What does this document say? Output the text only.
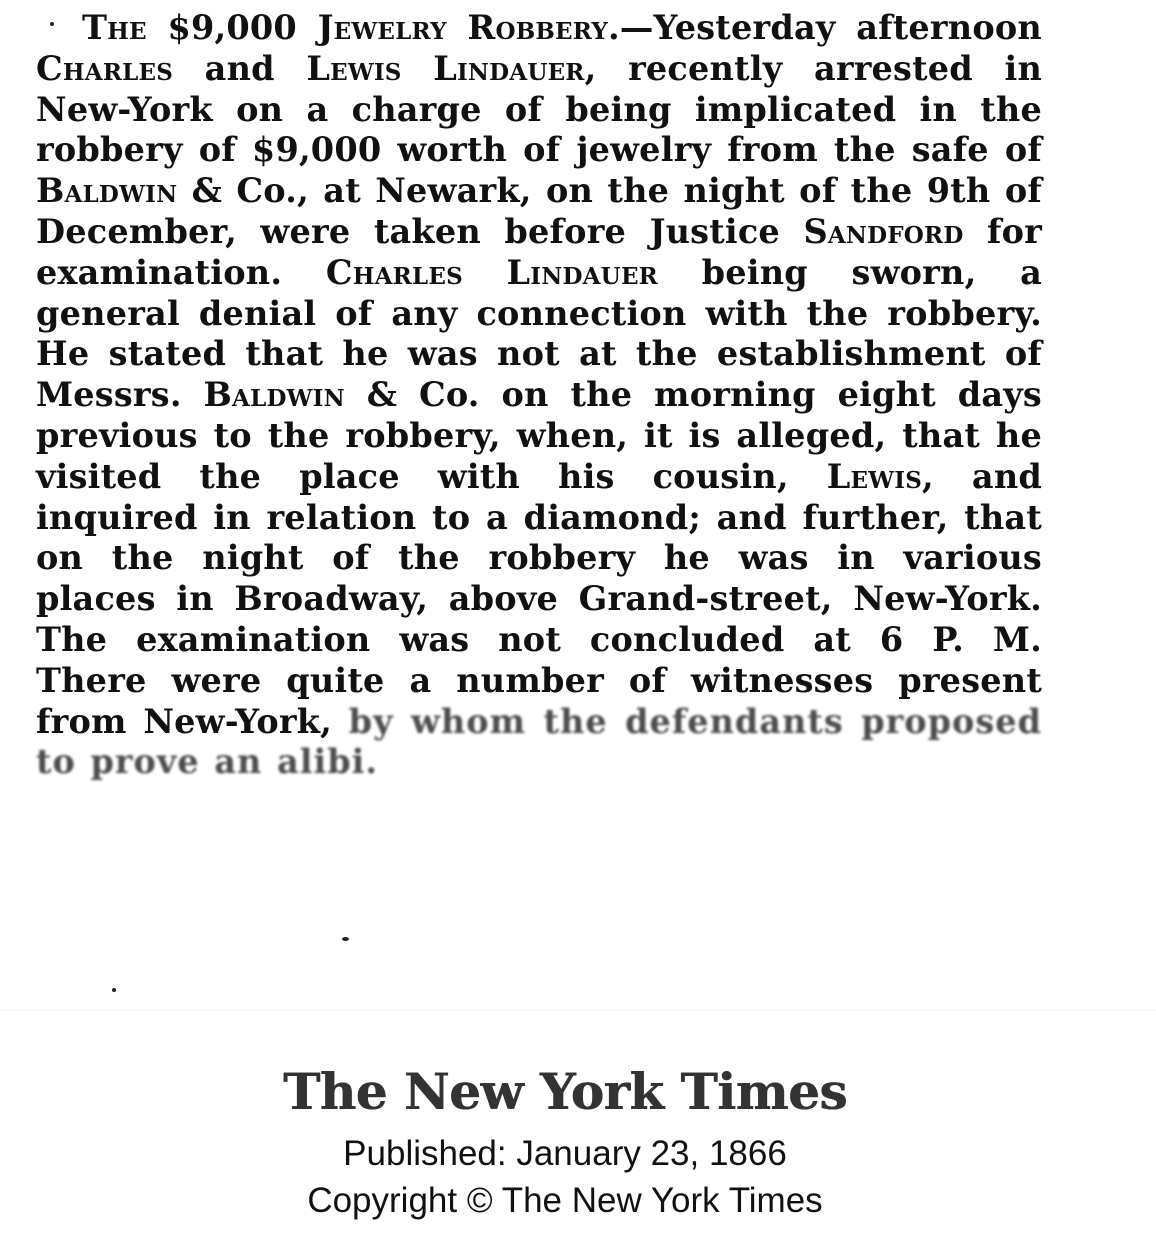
The $9,000 Jewelry Robbery.—Yesterday afternoon Charles and Lewis Lindauer, recently arrested in New-York on a charge of being implicated in the robbery of $9,000 worth of jewelry from the safe of Baldwin & Co., at Newark, on the night of the 9th of December, were taken before Justice Sandford for examination. Charles Lindauer being sworn, a general denial of any connection with the robbery. He stated that he was not at the establishment of Messrs. Baldwin & Co. on the morning eight days previous to the robbery, when, it is alleged, that he visited the place with his cousin, Lewis, and inquired in relation to a diamond; and further, that on the night of the robbery he was in various places in Broadway, above Grand-street, New-York. The examination was not concluded at 6 P. M. There were quite a number of witnesses present from New-York, by whom the defendants proposed to prove an alibi.

The New York Times
Published: January 23, 1866
Copyright © The New York Times
